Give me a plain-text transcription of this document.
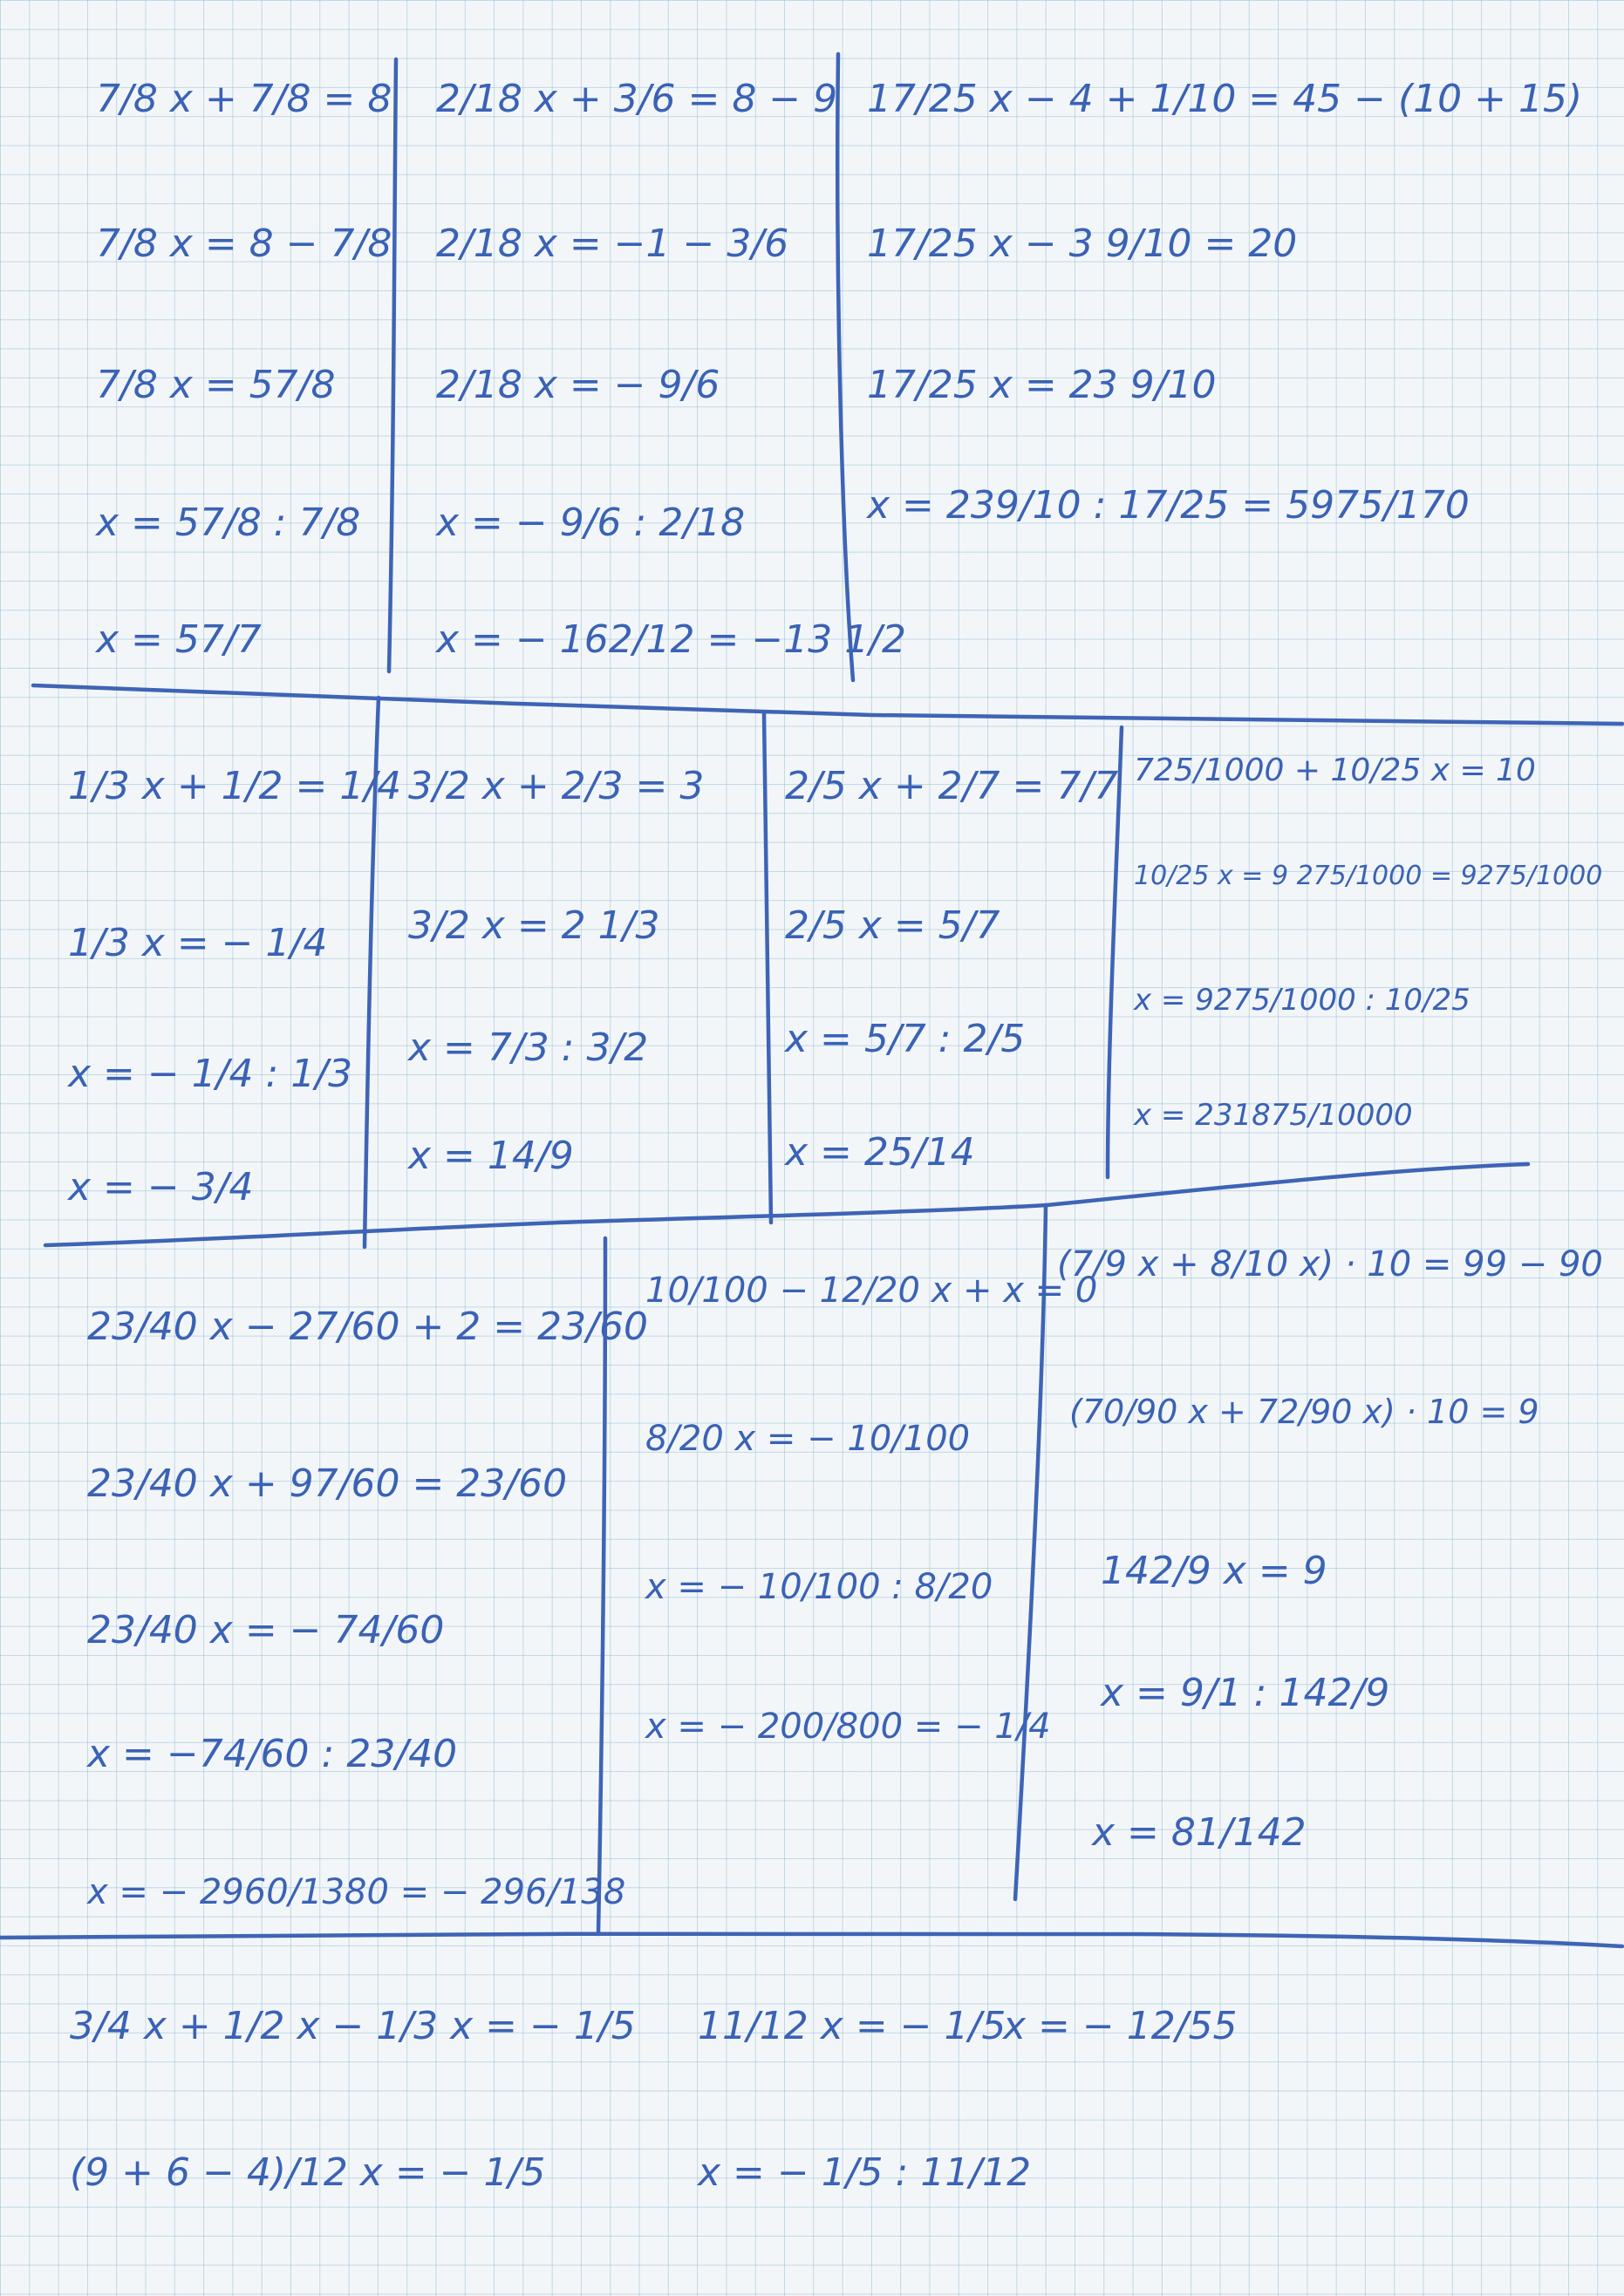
7/8 x + 7/8 = 8
7/8 x = 8 − 7/8
7/8 x = 57/8
x = 57/8 : 7/8
x = 57/7
2/18 x + 3/6 = 8 − 9
2/18 x = −1 − 3/6
2/18 x = − 9/6
x = − 9/6 : 2/18
x = − 162/12 = −13 1/2
17/25 x − 4 + 1/10 = 45 − (10 + 15)
17/25 x − 3 9/10 = 20
17/25 x = 23 9/10
x = 239/10 : 17/25 = 5975/170
1/3 x + 1/2 = 1/4
1/3 x = − 1/4
x = − 1/4 : 1/3
x = − 3/4
3/2 x + 2/3 = 3
3/2 x = 2 1/3
x = 7/3 : 3/2
x = 14/9
2/5 x + 2/7 = 7/7
2/5 x = 5/7
x = 5/7 : 2/5
x = 25/14
725/1000 + 10/25 x = 10
10/25 x = 9 275/1000 = 9275/1000
x = 9275/1000 : 10/25
x = 231875/10000
23/40 x − 27/60 + 2 = 23/60
23/40 x + 97/60 = 23/60
23/40 x = − 74/60
x = −74/60 : 23/40
x = − 2960/1380 = − 296/138
10/100 − 12/20 x + x = 0
8/20 x = − 10/100
x = − 10/100 : 8/20
x = − 200/800 = − 1/4
(7/9 x + 8/10 x) · 10 = 99 − 90
(70/90 x + 72/90 x) · 10 = 9
142/9 x = 9
x = 9/1 : 142/9
x = 81/142
3/4 x + 1/2 x − 1/3 x = − 1/5
(9 + 6 − 4)/12 x = − 1/5
11/12 x = − 1/5
x = − 1/5 : 11/12
x = − 12/55
